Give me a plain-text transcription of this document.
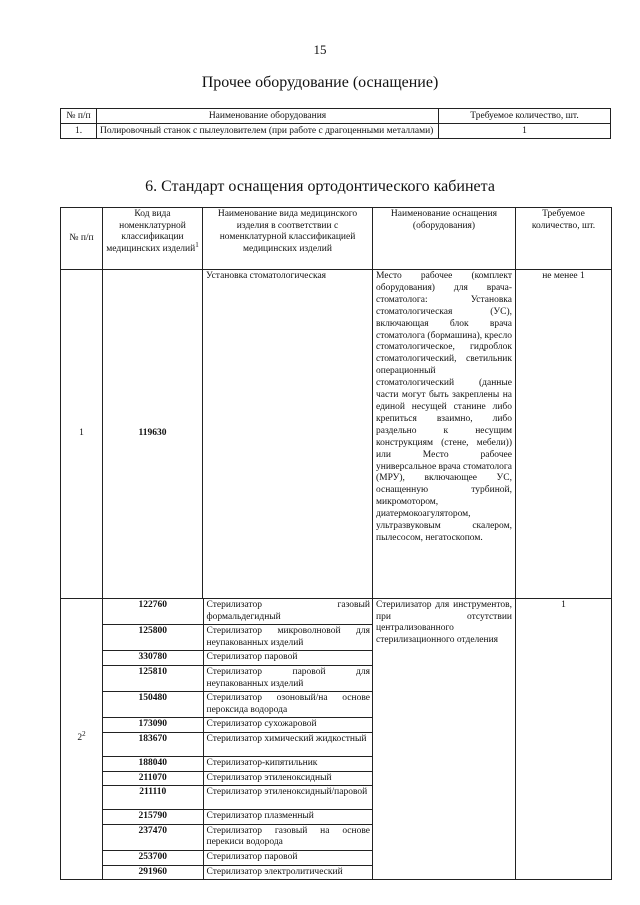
15
Прочее оборудование (оснащение)
№ п/п	Наименование оборудования	Требуемое количество, шт.
1.	Полировочный станок с пылеуловителем (при работе с драгоценными металлами)	1
6. Стандарт оснащения ортодонтического кабинета
№ п/п	Код вида номенклатурной классификации медицинских изделий$^1$	Наименование вида медицинского изделия в соответствии с номенклатурной классификацией медицинских изделий	Наименование оснащения (оборудования)	Требуемое количество, шт.
1	119630	Установка стоматологическая	Место рабочее (комплект оборудования) для врача-стоматолога: Установка стоматологическая (УС), включающая блок врача стоматолога (бормашина), кресло стоматологическое, гидроблок стоматологический, светильник операционный стоматологический (данные части могут быть закреплены на единой несущей станине либо крепиться взаимно, либо раздельно к несущим конструкциям (стене, мебели)) или Место рабочее универсальное врача стоматолога (МРУ), включающее УС, оснащенную турбиной, микромотором, диатермокоагулятором, ультразвуковым скалером, пылесосом, негатоскопом.	не менее 1
$2^2$	
122760	Стерилизатор газовый формальдегидный
125800	Стерилизатор микроволновой для неупакованных изделий
330780	Стерилизатор паровой
125810	Стерилизатор паровой для неупакованных изделий
150480	Стерилизатор озоновый/на основе пероксида водорода
173090	Стерилизатор сухожаровой
183670	Стерилизатор химический жидкостный
188040	Стерилизатор-кипятильник
211070	Стерилизатор этиленоксидный
211110	Стерилизатор этиленоксидный/паровой
215790	Стерилизатор плазменный
237470	Стерилизатор газовый на основе перекиси водорода
253700	Стерилизатор паровой
291960	Стерилизатор электролитический
	Стерилизатор для инструментов, при отсутствии централизованного стерилизационного отделения	1
